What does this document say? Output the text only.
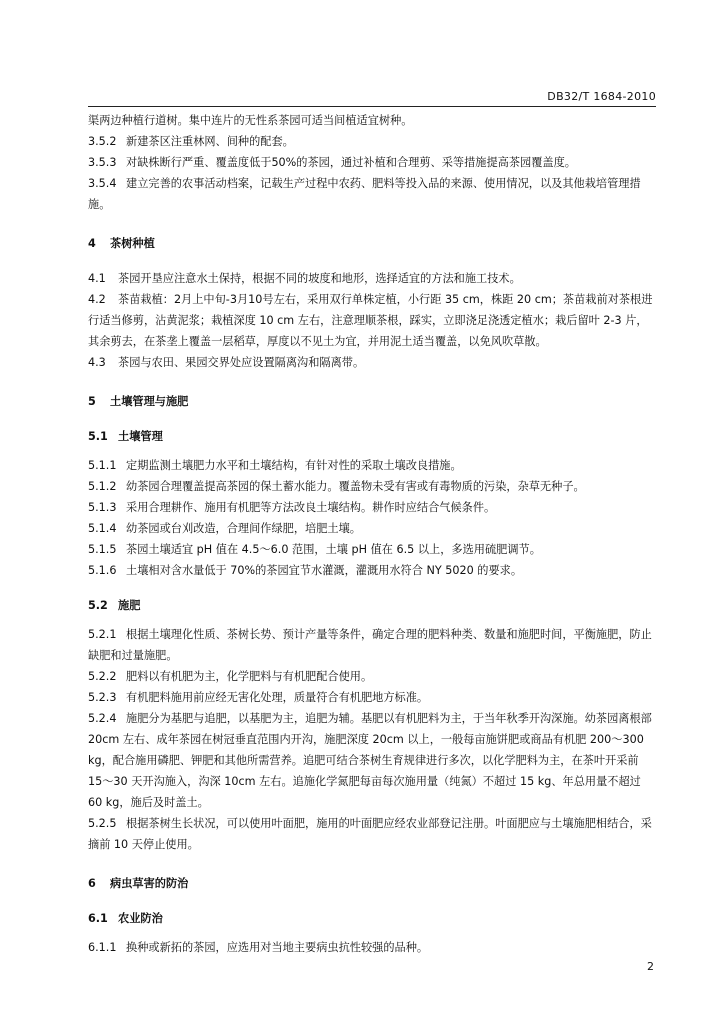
DB32/T 1684-2010

渠两边种植行道树。集中连片的无性系茶园可适当间植适宜树种。

3.5.2 新建茶区注重林网、间种的配套。

3.5.3 对缺株断行严重、覆盖度低于50%的茶园，通过补植和合理剪、采等措施提高茶园覆盖度。

3.5.4 建立完善的农事活动档案，记载生产过程中农药、肥料等投入品的来源、使用情况，以及其他栽培管理措施。

4 茶树种植

4.1 茶园开垦应注意水土保持，根据不同的坡度和地形，选择适宜的方法和施工技术。

4.2 茶苗栽植：2月上中旬-3月10号左右，采用双行单株定植，小行距 35 cm，株距 20 cm；茶苗栽前对茶根进行适当修剪，沾黄泥浆；栽植深度 10 cm 左右，注意理顺茶根，踩实，立即浇足浇透定植水；栽后留叶 2-3 片，其余剪去，在茶垄上覆盖一层稻草，厚度以不见土为宜，并用泥土适当覆盖，以免风吹草散。

4.3 茶园与农田、果园交界处应设置隔离沟和隔离带。

5 土壤管理与施肥
5.1 土壤管理

5.1.1 定期监测土壤肥力水平和土壤结构，有针对性的采取土壤改良措施。

5.1.2 幼茶园合理覆盖提高茶园的保土蓄水能力。覆盖物未受有害或有毒物质的污染，杂草无种子。

5.1.3 采用合理耕作、施用有机肥等方法改良土壤结构。耕作时应结合气候条件。

5.1.4 幼茶园或台刈改造，合理间作绿肥，培肥土壤。

5.1.5 茶园土壤适宜 pH 值在 4.5～6.0 范围，土壤 pH 值在 6.5 以上，多选用硫肥调节。

5.1.6 土壤相对含水量低于 70%的茶园宜节水灌溉，灌溉用水符合 NY 5020 的要求。

5.2 施肥

5.2.1 根据土壤理化性质、茶树长势、预计产量等条件，确定合理的肥料种类、数量和施肥时间，平衡施肥，防止缺肥和过量施肥。

5.2.2 肥料以有机肥为主，化学肥料与有机肥配合使用。

5.2.3 有机肥料施用前应经无害化处理，质量符合有机肥地方标准。

5.2.4 施肥分为基肥与追肥，以基肥为主，追肥为辅。基肥以有机肥料为主，于当年秋季开沟深施。幼茶园离根部 20cm 左右、成年茶园在树冠垂直范围内开沟，施肥深度 20cm 以上，一般每亩施饼肥或商品有机肥 200～300 kg，配合施用磷肥、钾肥和其他所需营养。追肥可结合茶树生育规律进行多次，以化学肥料为主，在茶叶开采前 15～30 天开沟施入，沟深 10cm 左右。追施化学氮肥每亩每次施用量（纯氮）不超过 15 kg、年总用量不超过 60 kg，施后及时盖土。

5.2.5 根据茶树生长状况，可以使用叶面肥，施用的叶面肥应经农业部登记注册。叶面肥应与土壤施肥相结合，采摘前 10 天停止使用。

6 病虫草害的防治
6.1 农业防治

6.1.1 换种或新拓的茶园，应选用对当地主要病虫抗性较强的品种。

2
